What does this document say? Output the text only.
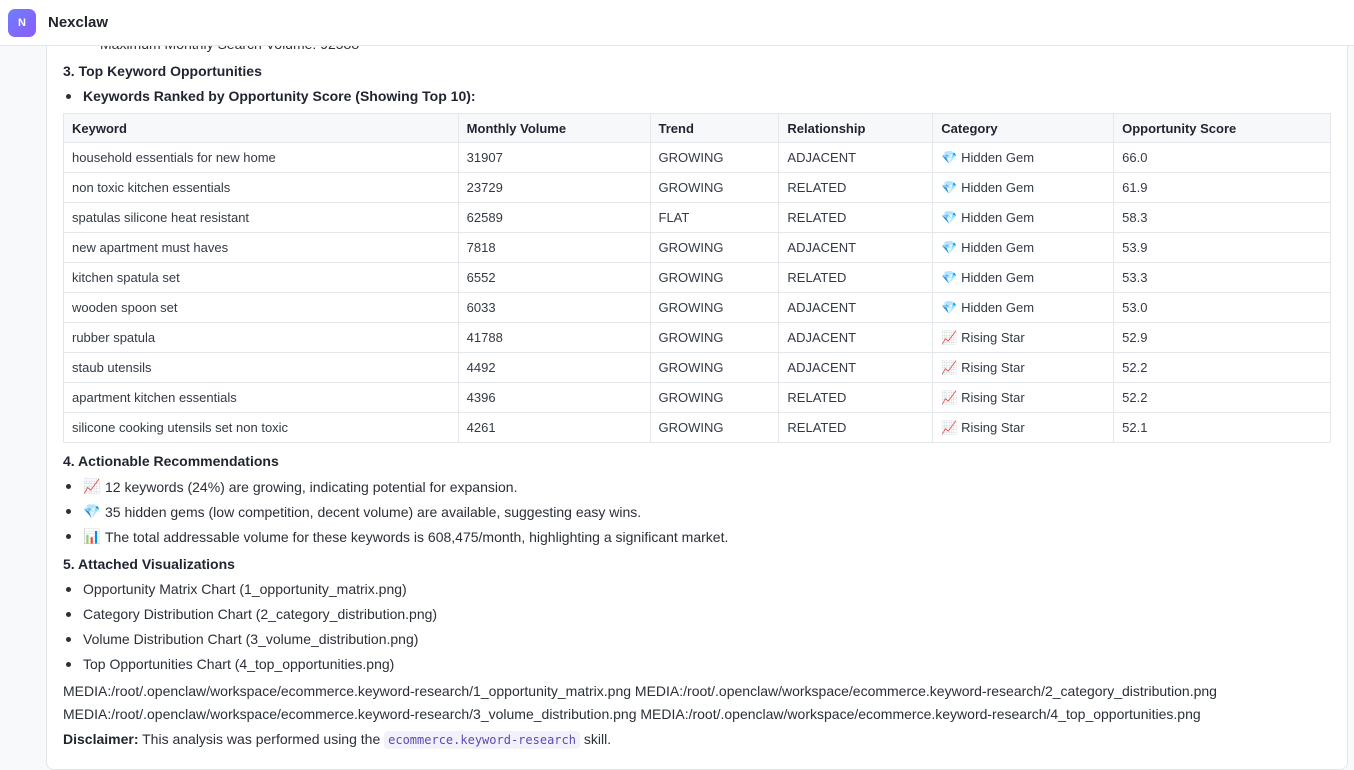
3. Top Keyword Opportunities
Keywords Ranked by Opportunity Score (Showing Top 10):
Keyword	Monthly Volume	Trend	Relationship	Category	Opportunity Score
household essentials for new home	31907	GROWING	ADJACENT	💎 Hidden Gem	66.0
non toxic kitchen essentials	23729	GROWING	RELATED	💎 Hidden Gem	61.9
spatulas silicone heat resistant	62589	FLAT	RELATED	💎 Hidden Gem	58.3
new apartment must haves	7818	GROWING	ADJACENT	💎 Hidden Gem	53.9
kitchen spatula set	6552	GROWING	RELATED	💎 Hidden Gem	53.3
wooden spoon set	6033	GROWING	ADJACENT	💎 Hidden Gem	53.0
rubber spatula	41788	GROWING	ADJACENT	📈 Rising Star	52.9
staub utensils	4492	GROWING	ADJACENT	📈 Rising Star	52.2
apartment kitchen essentials	4396	GROWING	RELATED	📈 Rising Star	52.2
silicone cooking utensils set non toxic	4261	GROWING	RELATED	📈 Rising Star	52.1
4. Actionable Recommendations
📈 12 keywords (24%) are growing, indicating potential for expansion.
💎 35 hidden gems (low competition, decent volume) are available, suggesting easy wins.
📊 The total addressable volume for these keywords is 608,475/month, highlighting a significant market.
5. Attached Visualizations
Opportunity Matrix Chart (1_opportunity_matrix.png)
Category Distribution Chart (2_category_distribution.png)
Volume Distribution Chart (3_volume_distribution.png)
Top Opportunities Chart (4_top_opportunities.png)
MEDIA:/root/.openclaw/workspace/ecommerce.keyword-research/1_opportunity_matrix.png MEDIA:/root/.openclaw/workspace/ecommerce.keyword-research/2_category_distribution.png
MEDIA:/root/.openclaw/workspace/ecommerce.keyword-research/3_volume_distribution.png MEDIA:/root/.openclaw/workspace/ecommerce.keyword-research/4_top_opportunities.png
Disclaimer: This analysis was performed using the ecommerce.keyword-research skill.
N	Nexclaw
